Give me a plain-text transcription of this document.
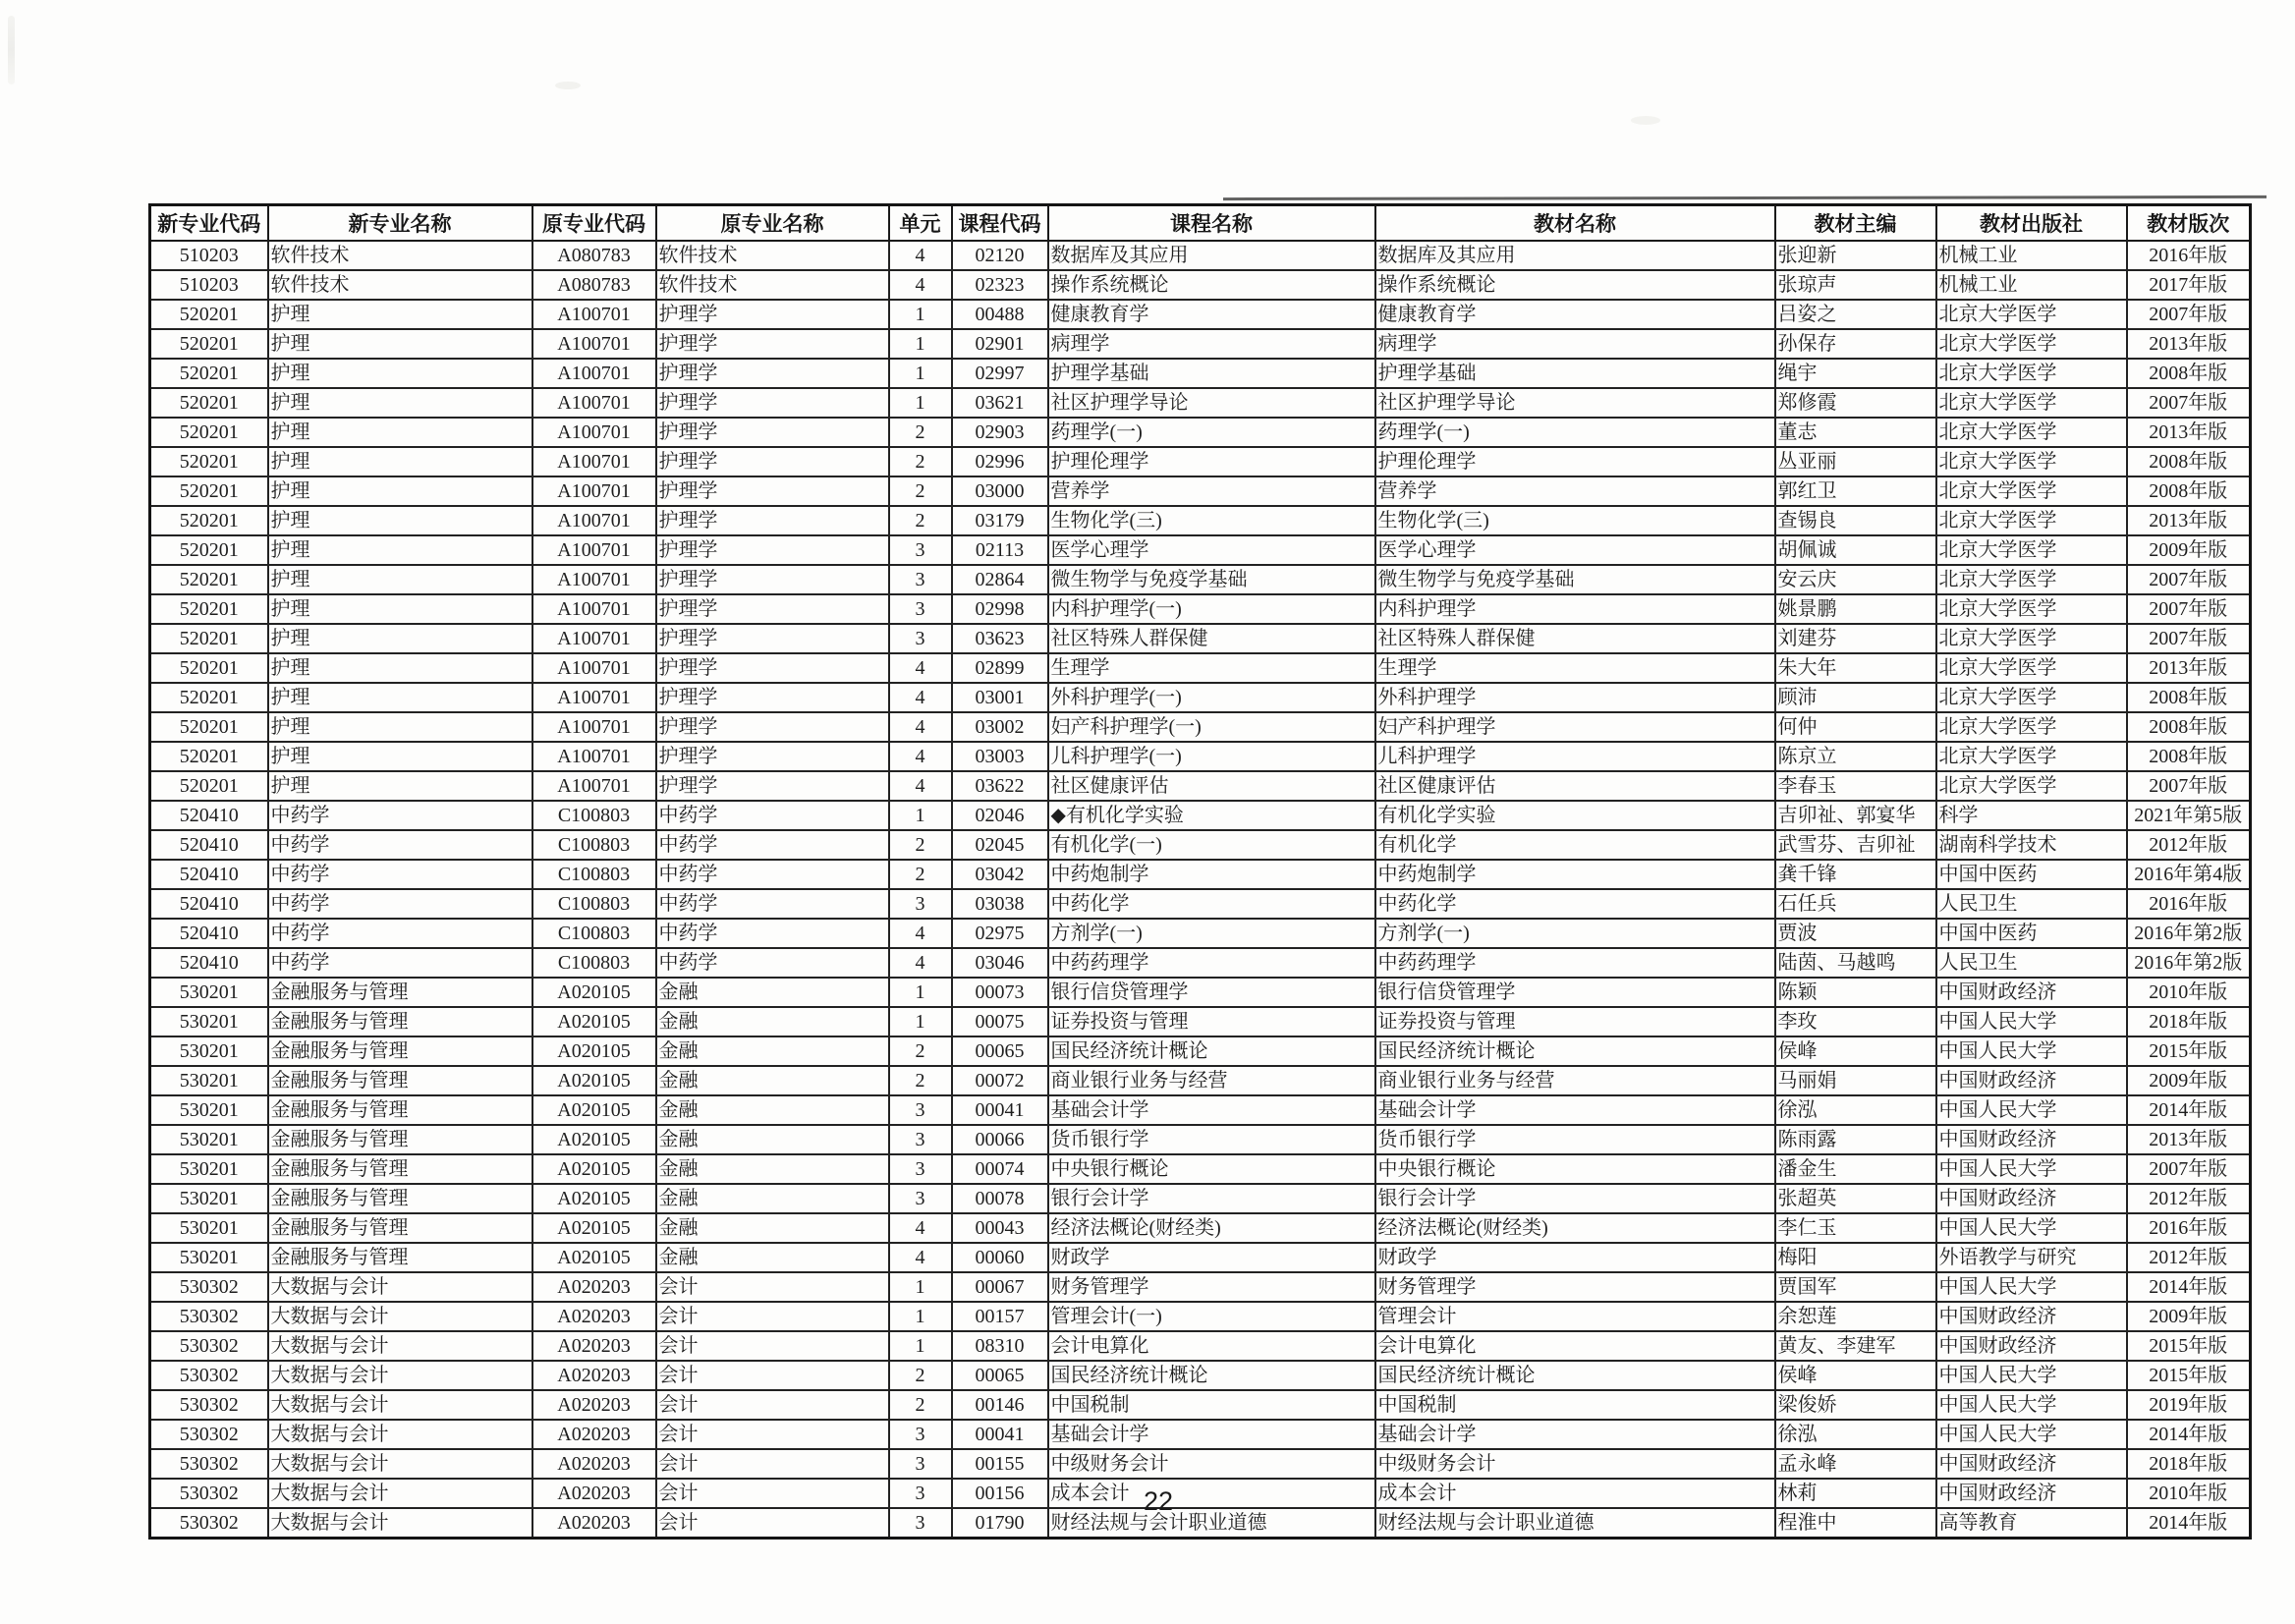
新专业代码	新专业名称	原专业代码	原专业名称	单元	课程代码	课程名称	教材名称	教材主编	教材出版社	教材版次
510203	软件技术	A080783	软件技术	4	02120	数据库及其应用	数据库及其应用	张迎新	机械工业	2016年版
510203	软件技术	A080783	软件技术	4	02323	操作系统概论	操作系统概论	张琼声	机械工业	2017年版
520201	护理	A100701	护理学	1	00488	健康教育学	健康教育学	吕姿之	北京大学医学	2007年版
520201	护理	A100701	护理学	1	02901	病理学	病理学	孙保存	北京大学医学	2013年版
520201	护理	A100701	护理学	1	02997	护理学基础	护理学基础	绳宇	北京大学医学	2008年版
520201	护理	A100701	护理学	1	03621	社区护理学导论	社区护理学导论	郑修霞	北京大学医学	2007年版
520201	护理	A100701	护理学	2	02903	药理学(一)	药理学(一)	董志	北京大学医学	2013年版
520201	护理	A100701	护理学	2	02996	护理伦理学	护理伦理学	丛亚丽	北京大学医学	2008年版
520201	护理	A100701	护理学	2	03000	营养学	营养学	郭红卫	北京大学医学	2008年版
520201	护理	A100701	护理学	2	03179	生物化学(三)	生物化学(三)	查锡良	北京大学医学	2013年版
520201	护理	A100701	护理学	3	02113	医学心理学	医学心理学	胡佩诚	北京大学医学	2009年版
520201	护理	A100701	护理学	3	02864	微生物学与免疫学基础	微生物学与免疫学基础	安云庆	北京大学医学	2007年版
520201	护理	A100701	护理学	3	02998	内科护理学(一)	内科护理学	姚景鹏	北京大学医学	2007年版
520201	护理	A100701	护理学	3	03623	社区特殊人群保健	社区特殊人群保健	刘建芬	北京大学医学	2007年版
520201	护理	A100701	护理学	4	02899	生理学	生理学	朱大年	北京大学医学	2013年版
520201	护理	A100701	护理学	4	03001	外科护理学(一)	外科护理学	顾沛	北京大学医学	2008年版
520201	护理	A100701	护理学	4	03002	妇产科护理学(一)	妇产科护理学	何仲	北京大学医学	2008年版
520201	护理	A100701	护理学	4	03003	儿科护理学(一)	儿科护理学	陈京立	北京大学医学	2008年版
520201	护理	A100701	护理学	4	03622	社区健康评估	社区健康评估	李春玉	北京大学医学	2007年版
520410	中药学	C100803	中药学	1	02046	◆有机化学实验	有机化学实验	吉卯祉、郭宴华	科学	2021年第5版
520410	中药学	C100803	中药学	2	02045	有机化学(一)	有机化学	武雪芬、吉卯祉	湖南科学技术	2012年版
520410	中药学	C100803	中药学	2	03042	中药炮制学	中药炮制学	龚千锋	中国中医药	2016年第4版
520410	中药学	C100803	中药学	3	03038	中药化学	中药化学	石任兵	人民卫生	2016年版
520410	中药学	C100803	中药学	4	02975	方剂学(一)	方剂学(一)	贾波	中国中医药	2016年第2版
520410	中药学	C100803	中药学	4	03046	中药药理学	中药药理学	陆茵、马越鸣	人民卫生	2016年第2版
530201	金融服务与管理	A020105	金融	1	00073	银行信贷管理学	银行信贷管理学	陈颖	中国财政经济	2010年版
530201	金融服务与管理	A020105	金融	1	00075	证券投资与管理	证券投资与管理	李玫	中国人民大学	2018年版
530201	金融服务与管理	A020105	金融	2	00065	国民经济统计概论	国民经济统计概论	侯峰	中国人民大学	2015年版
530201	金融服务与管理	A020105	金融	2	00072	商业银行业务与经营	商业银行业务与经营	马丽娟	中国财政经济	2009年版
530201	金融服务与管理	A020105	金融	3	00041	基础会计学	基础会计学	徐泓	中国人民大学	2014年版
530201	金融服务与管理	A020105	金融	3	00066	货币银行学	货币银行学	陈雨露	中国财政经济	2013年版
530201	金融服务与管理	A020105	金融	3	00074	中央银行概论	中央银行概论	潘金生	中国人民大学	2007年版
530201	金融服务与管理	A020105	金融	3	00078	银行会计学	银行会计学	张超英	中国财政经济	2012年版
530201	金融服务与管理	A020105	金融	4	00043	经济法概论(财经类)	经济法概论(财经类)	李仁玉	中国人民大学	2016年版
530201	金融服务与管理	A020105	金融	4	00060	财政学	财政学	梅阳	外语教学与研究	2012年版
530302	大数据与会计	A020203	会计	1	00067	财务管理学	财务管理学	贾国军	中国人民大学	2014年版
530302	大数据与会计	A020203	会计	1	00157	管理会计(一)	管理会计	余恕莲	中国财政经济	2009年版
530302	大数据与会计	A020203	会计	1	08310	会计电算化	会计电算化	黄友、李建军	中国财政经济	2015年版
530302	大数据与会计	A020203	会计	2	00065	国民经济统计概论	国民经济统计概论	侯峰	中国人民大学	2015年版
530302	大数据与会计	A020203	会计	2	00146	中国税制	中国税制	梁俊娇	中国人民大学	2019年版
530302	大数据与会计	A020203	会计	3	00041	基础会计学	基础会计学	徐泓	中国人民大学	2014年版
530302	大数据与会计	A020203	会计	3	00155	中级财务会计	中级财务会计	孟永峰	中国财政经济	2018年版
530302	大数据与会计	A020203	会计	3	00156	成本会计	成本会计	林莉	中国财政经济	2010年版
530302	大数据与会计	A020203	会计	3	01790	财经法规与会计职业道德	财经法规与会计职业道德	程淮中	高等教育	2014年版
22
